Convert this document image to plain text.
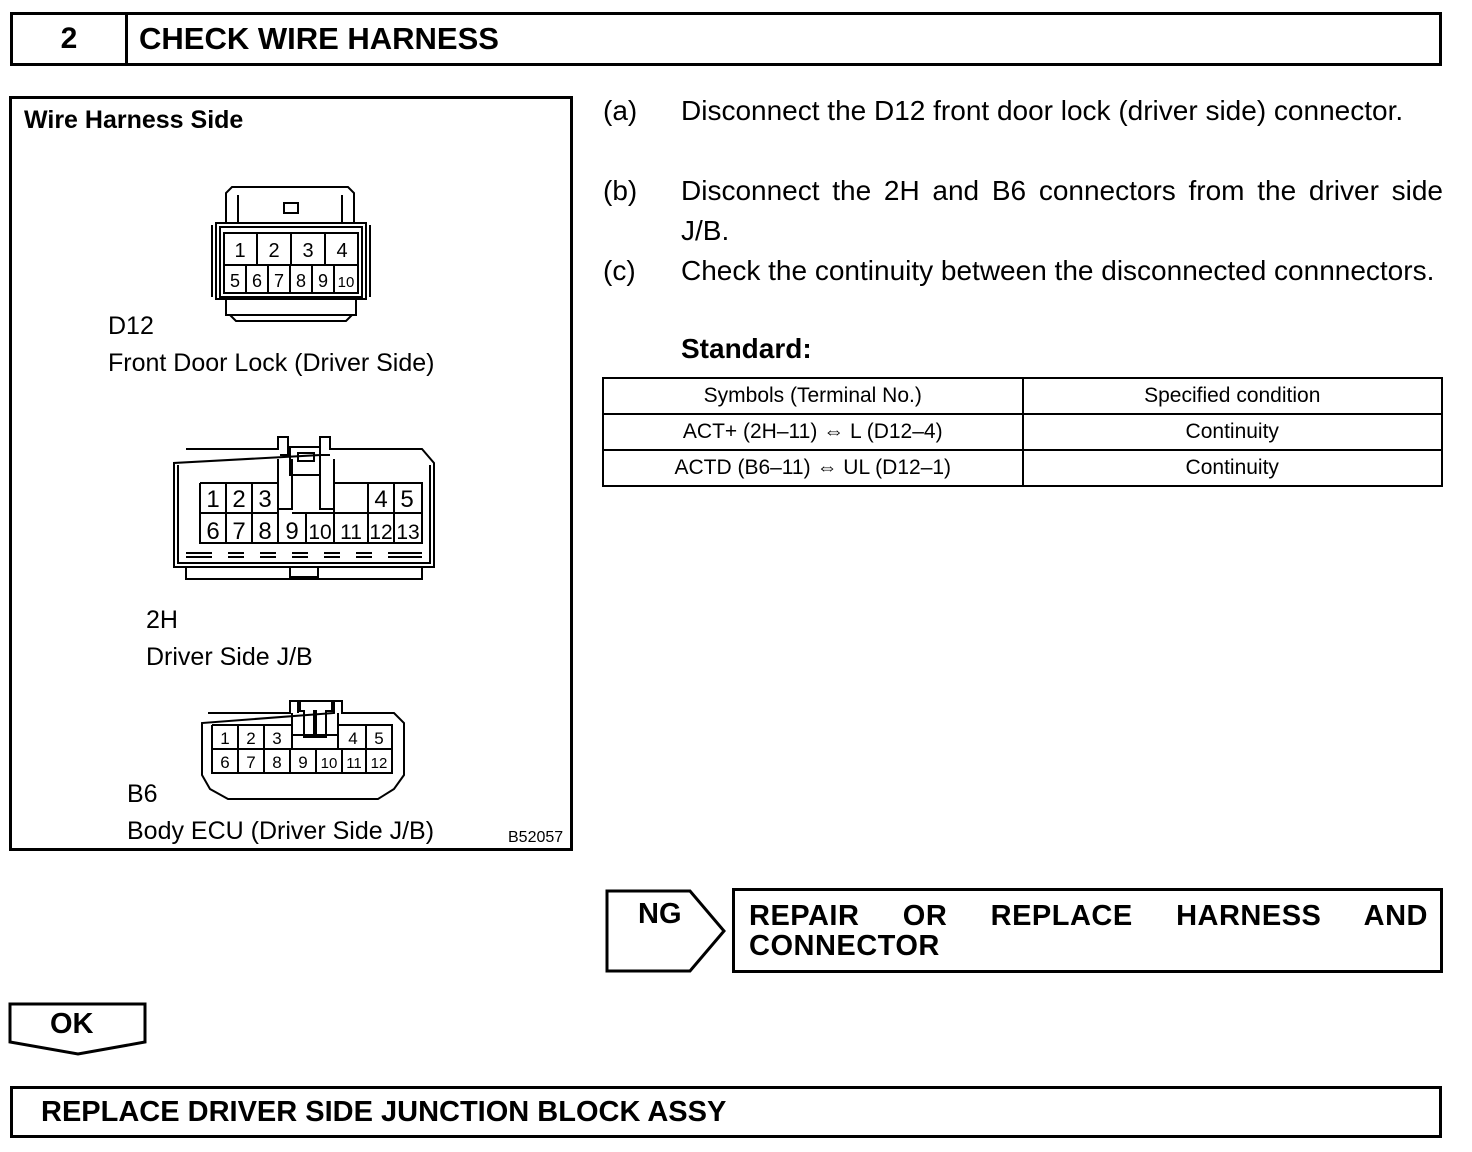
2	CHECK WIRE HARNESS
Wire Harness Side
1 2 3 4
5 6 7 8 9 10
D12
Front Door Lock (Driver Side)
1 2 3	4 5
6 7 8 9 10 11 12 13
2H
Driver Side J/B
1 2 3	4 5
6 7 8 9 10 11 12
B6
Body ECU (Driver Side J/B)	B52057
(a) Disconnect the D12 front door lock (driver side) connector.
(b) Disconnect the 2H and B6 connectors from the driver side J/B.
(c) Check the continuity between the disconnected connnectors.
Standard:
Symbols (Terminal No.)	Specified condition
ACT+ (2H–11) ⇔ L (D12–4)	Continuity
ACTD (B6–11) ⇔ UL (D12–1)	Continuity
NG REPAIR OR REPLACE HARNESS AND CONNECTOR
OK
REPLACE DRIVER SIDE JUNCTION BLOCK ASSY
